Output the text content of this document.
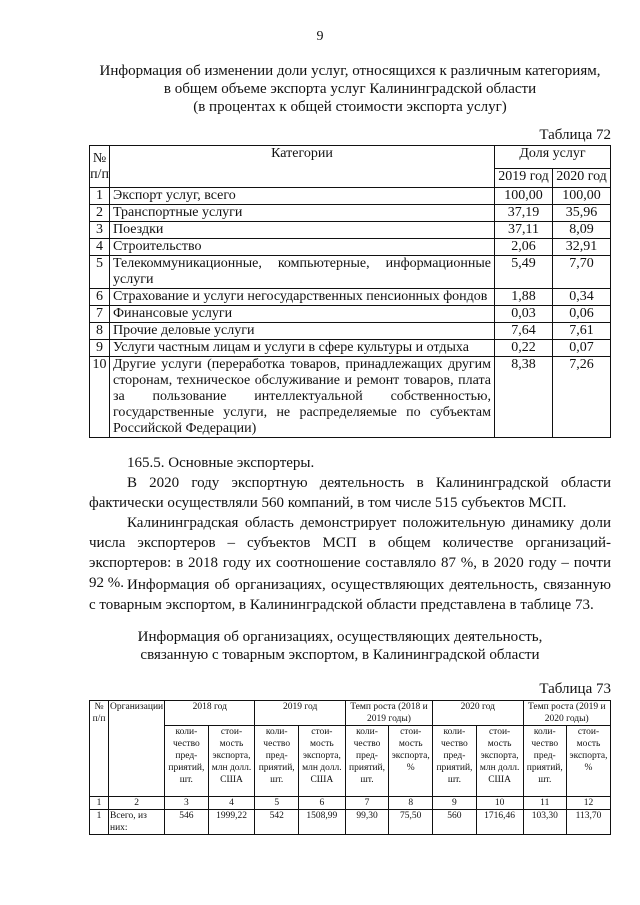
9
Информация об изменении доли услуг, относящихся к различным категориям,
в общем объеме экспорта услуг Калининградской области
(в процентах к общей стоимости экспорта услуг)
Таблица 72
№ п/п	Категории	Доля услуг	
		2019 год	2020 год
1	Экспорт услуг, всего	100,00	100,00
2	Транспортные услуги	37,19	35,96
3	Поездки	37,11	8,09
4	Строительство	2,06	32,91
5	Телекоммуникационные, компьютерные, информационные услуги	5,49	7,70
6	Страхование и услуги негосударственных пенсионных фондов	1,88	0,34
7	Финансовые услуги	0,03	0,06
8	Прочие деловые услуги	7,64	7,61
9	Услуги частным лицам и услуги в сфере культуры и отдыха	0,22	0,07
10	Другие услуги (переработка товаров, принадлежащих другим сторонам, техническое обслуживание и ремонт товаров, плата за пользование интеллектуальной собственностью, государственные услуги, не распределяемые по субъектам Российской Федерации)	8,38	7,26
165.5. Основные экспортеры.
В 2020 году экспортную деятельность в Калининградской области фактически осуществляли 560 компаний, в том числе 515 субъектов МСП.
Калининградская область демонстрирует положительную динамику доли числа экспортеров – субъектов МСП в общем количестве организаций-экспортеров: в 2018 году их соотношение составляло 87 %, в 2020 году – почти 92 %. Информация об организациях, осуществляющих деятельность, связанную с товарным экспортом, в Калининградской области представлена в таблице 73.
Информация об организациях, осуществляющих деятельность,
связанную с товарным экспортом, в Калининградской области
Таблица 73
№ п/п	Организации	2018 год		2019 год		Темп роста (2018 и 2019 годы)		2020 год		Темп роста (2019 и 2020 годы)	
		коли-чество пред-приятий, шт.	стои-мость экспорта, млн долл. США	коли-чество пред-приятий, шт.	стои-мость экспорта, млн долл. США	коли-чество пред-приятий, шт.	стои-мость экспорта, %	коли-чество пред-приятий, шт.	стои-мость экспорта, млн долл. США	коли-чество пред-приятий, шт.	стои-мость экспорта, %
1	2	3	4	5	6	7	8	9	10	11	12
1	Всего, из них:	546	1999,22	542	1508,99	99,30	75,50	560	1716,46	103,30	113,70
